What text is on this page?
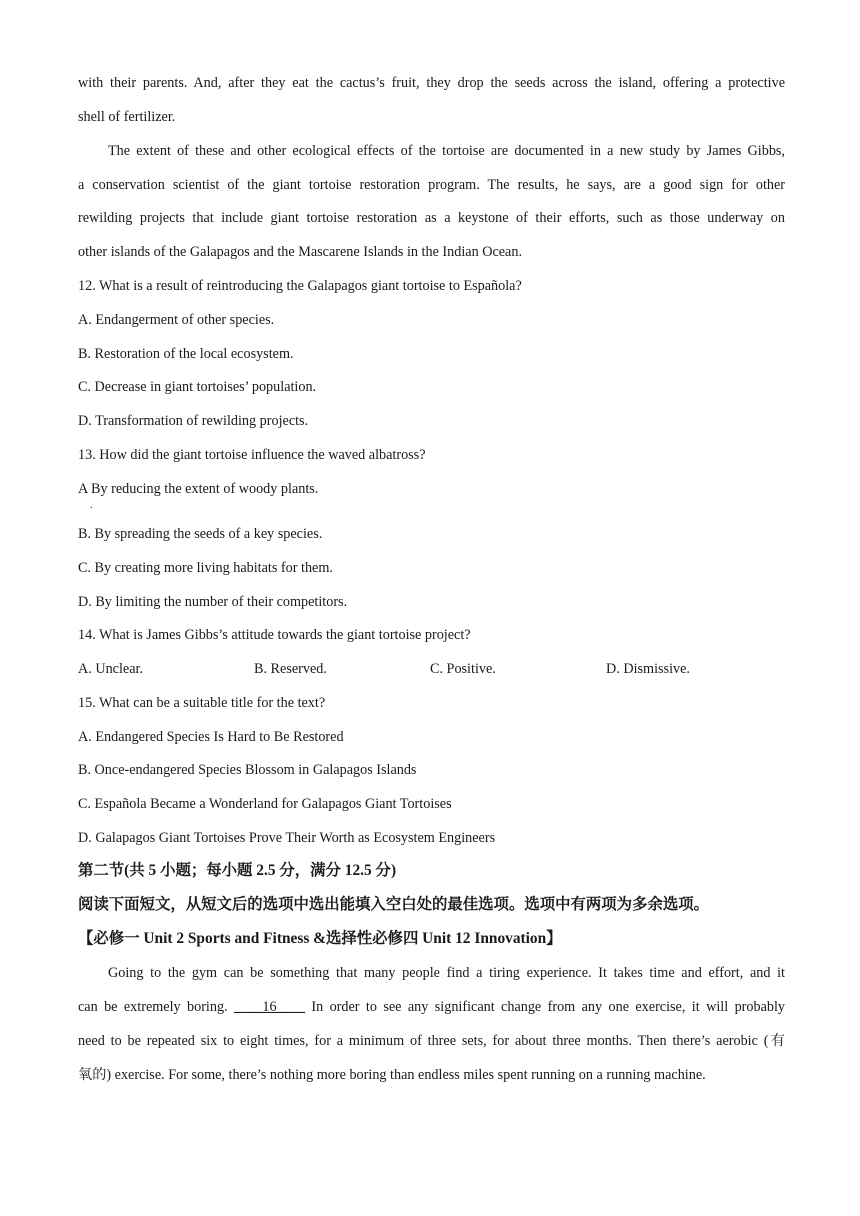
with their parents. And, after they eat the cactus’s fruit, they drop the seeds across the island, offering a protective
shell of fertilizer.
The extent of these and other ecological effects of the tortoise are documented in a new study by James Gibbs,
a conservation scientist of the giant tortoise restoration program. The results, he says, are a good sign for other
rewilding projects that include giant tortoise restoration as a keystone of their efforts, such as those underway on
other islands of the Galapagos and the Mascarene Islands in the Indian Ocean.
12. What is a result of reintroducing the Galapagos giant tortoise to Española?
A. Endangerment of other species.
B. Restoration of the local ecosystem.
C. Decrease in giant tortoises’ population.
D. Transformation of rewilding projects.
13. How did the giant tortoise influence the waved albatross?
A By reducing the extent of woody plants.
.
B. By spreading the seeds of a key species.
C. By creating more living habitats for them.
D. By limiting the number of their competitors.
14. What is James Gibbs’s attitude towards the giant tortoise project?
A. Unclear.	B. Reserved.	C. Positive.	D. Dismissive.
15. What can be a suitable title for the text?
A. Endangered Species Is Hard to Be Restored
B. Once-endangered Species Blossom in Galapagos Islands
C. Española Became a Wonderland for Galapagos Giant Tortoises
D. Galapagos Giant Tortoises Prove Their Worth as Ecosystem Engineers
第二节(共 5 小题；每小题 2.5 分，满分 12.5 分)
阅读下面短文，从短文后的选项中选出能填入空白处的最佳选项。选项中有两项为多余选项。
【必修一 Unit 2 Sports and Fitness &选择性必修四 Unit 12 Innovation】
Going to the gym can be something that many people find a tiring experience. It takes time and effort, and it
can be extremely boring. ____16____ In order to see any significant change from any one exercise, it will probably
need to be repeated six to eight times, for a minimum of three sets, for about three months. Then there’s aerobic (有
氧的) exercise. For some, there’s nothing more boring than endless miles spent running on a running machine.
